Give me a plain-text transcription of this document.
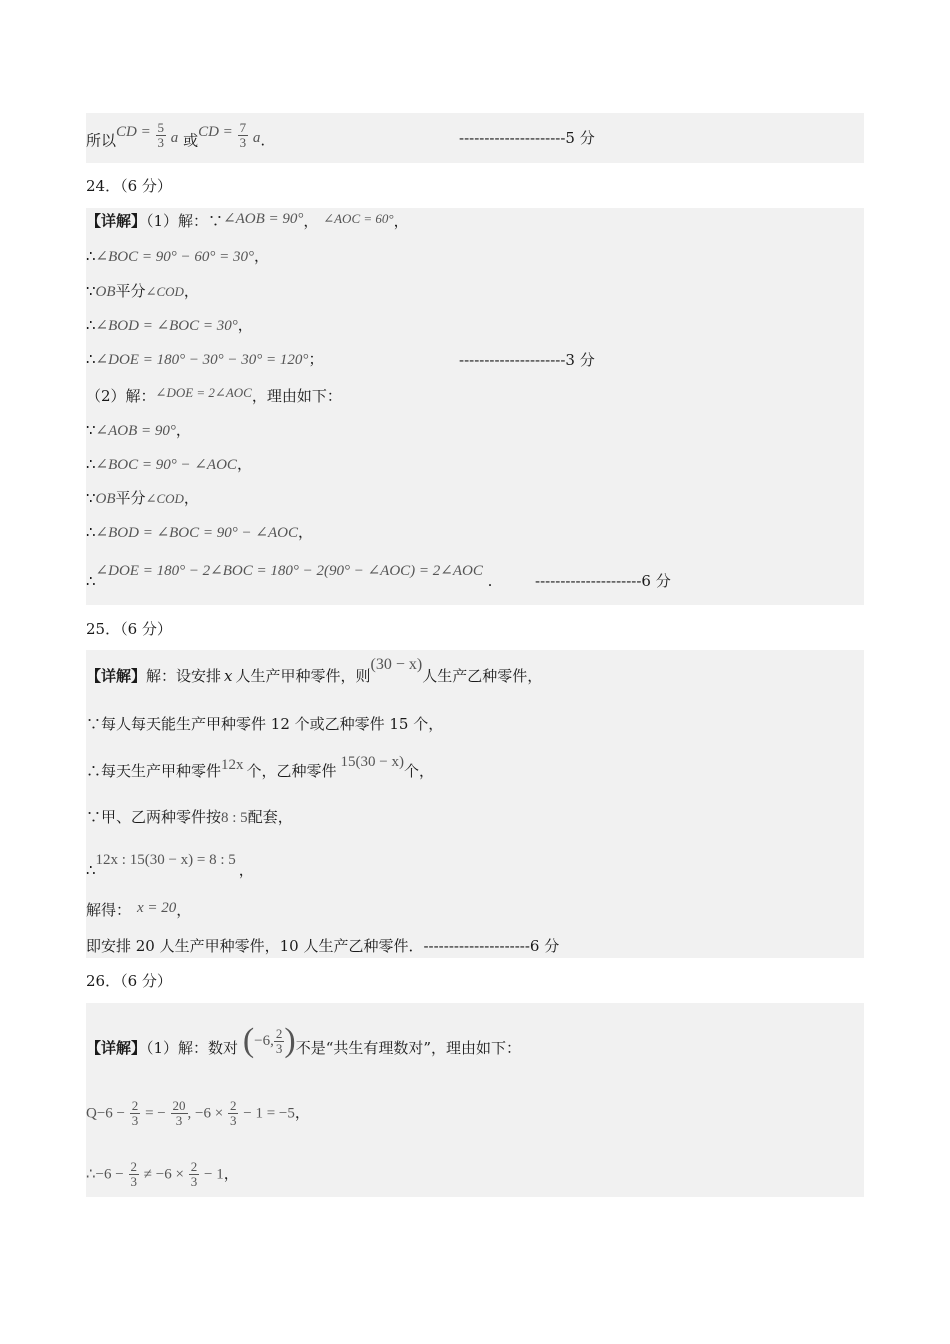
所以CD = $\frac{5}{3}$ a 或CD = $\frac{7}{3} a$.	---------------------5 分
24．（6 分）
【详解】（1）解：∵∠AOB = 90°， ∠AOC = 60°，
∴∠BOC = 90° − 60° = 30°，
∵OB平分∠COD，
∴∠BOD = ∠BOC = 30°，
∴∠DOE = 180° − 30° − 30° = 120°；	---------------------3 分
（2）解：∠DOE = 2∠AOC，理由如下：
∵∠AOB = 90°，
∴∠BOC = 90° − ∠AOC，
∵OB平分∠COD，
∴∠BOD = ∠BOC = 90° − ∠AOC，
∴∠DOE = 180° − 2∠BOC = 180° − 2(90° − ∠AOC) = 2∠AOC .	---------------------6 分
25．（6 分）
【详解】解：设安排 x 人生产甲种零件，则(30 − x)人生产乙种零件，
∵每人每天能生产甲种零件 12 个或乙种零件 15 个，
∴每天生产甲种零件12x 个，乙种零件 15(30 − x)个，
∵甲、乙两种零件按8 : 5配套，
∴12x : 15(30 − x) = 8 : 5，
解得： x = 20，
即安排 20 人生产甲种零件，10 人生产乙种零件．---------------------6 分
26．（6 分）
【详解】（1）解：数对 (−6, $\frac{2}{3}$ )不是“共生有理数对”，理由如下：
$Q-6 - \frac{2}{3}$ = − $\frac{20}{3}$ , $-6 \times \frac{2}{3} - 1 = -5$，
∴−6 − $\frac{2}{3} \ne -6 \times \frac{2}{3} - 1$，
